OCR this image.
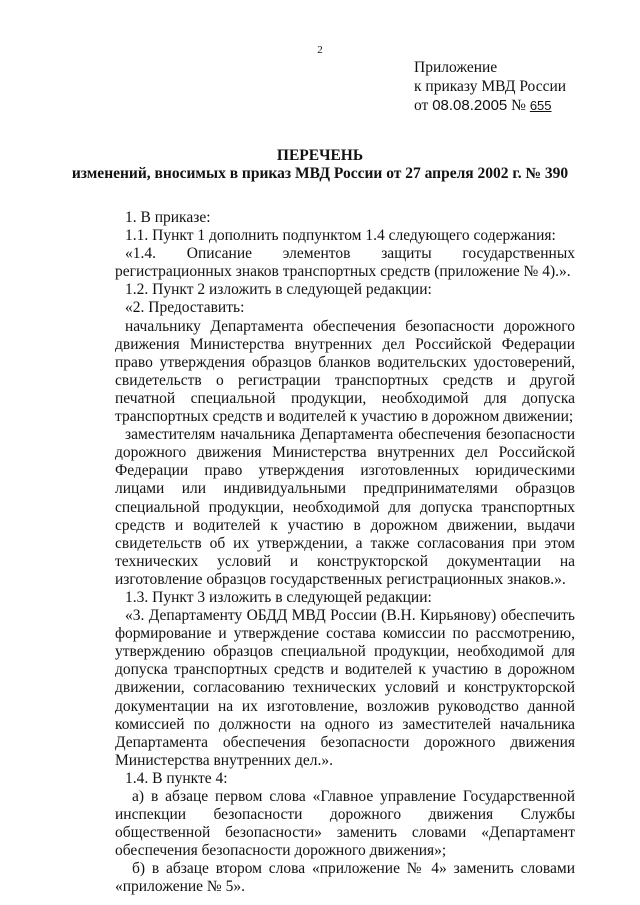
2
Приложение
к приказу МВД России
от 08.08.2005 № 655
ПЕРЕЧЕНЬ
изменений, вносимых в приказ МВД России от 27 апреля 2002 г. № 390

1. В приказе:

1.1. Пункт 1 дополнить подпунктом 1.4 следующего содержания:

«1.4. Описание элементов защиты государственных регистрационных знаков транспортных средств (приложение № 4).».

1.2. Пункт 2 изложить в следующей редакции:

«2. Предоставить:

начальнику Департамента обеспечения безопасности дорожного движения Министерства внутренних дел Российской Федерации право утверждения образцов бланков водительских удостоверений, свидетельств о регистрации транспортных средств и другой печатной специальной продукции, необходимой для допуска транспортных средств и водителей к участию в дорожном движении;

заместителям начальника Департамента обеспечения безопасности дорожного движения Министерства внутренних дел Российской Федерации право утверждения изготовленных юридическими лицами или индивидуальными предпринимателями образцов специальной продукции, необходимой для допуска транспортных средств и водителей к участию в дорожном движении, выдачи свидетельств об их утверждении, а также согласования при этом технических условий и конструкторской документации на изготовление образцов государственных регистрационных знаков.».

1.3. Пункт 3 изложить в следующей редакции:

«3. Департаменту ОБДД МВД России (В.Н. Кирьянову) обеспечить формирование и утверждение состава комиссии по рассмотрению, утверждению образцов специальной продукции, необходимой для допуска транспортных средств и водителей к участию в дорожном движении, согласованию технических условий и конструкторской документации на их изготовление, возложив руководство данной комиссией по должности на одного из заместителей начальника Департамента обеспечения безопасности дорожного движения Министерства внутренних дел.».

1.4. В пункте 4:

а) в абзаце первом слова «Главное управление Государственной инспекции безопасности дорожного движения Службы общественной безопасности» заменить словами «Департамент обеспечения безопасности дорожного движения»;

б) в абзаце втором слова «приложение № 4» заменить словами «приложение № 5».
